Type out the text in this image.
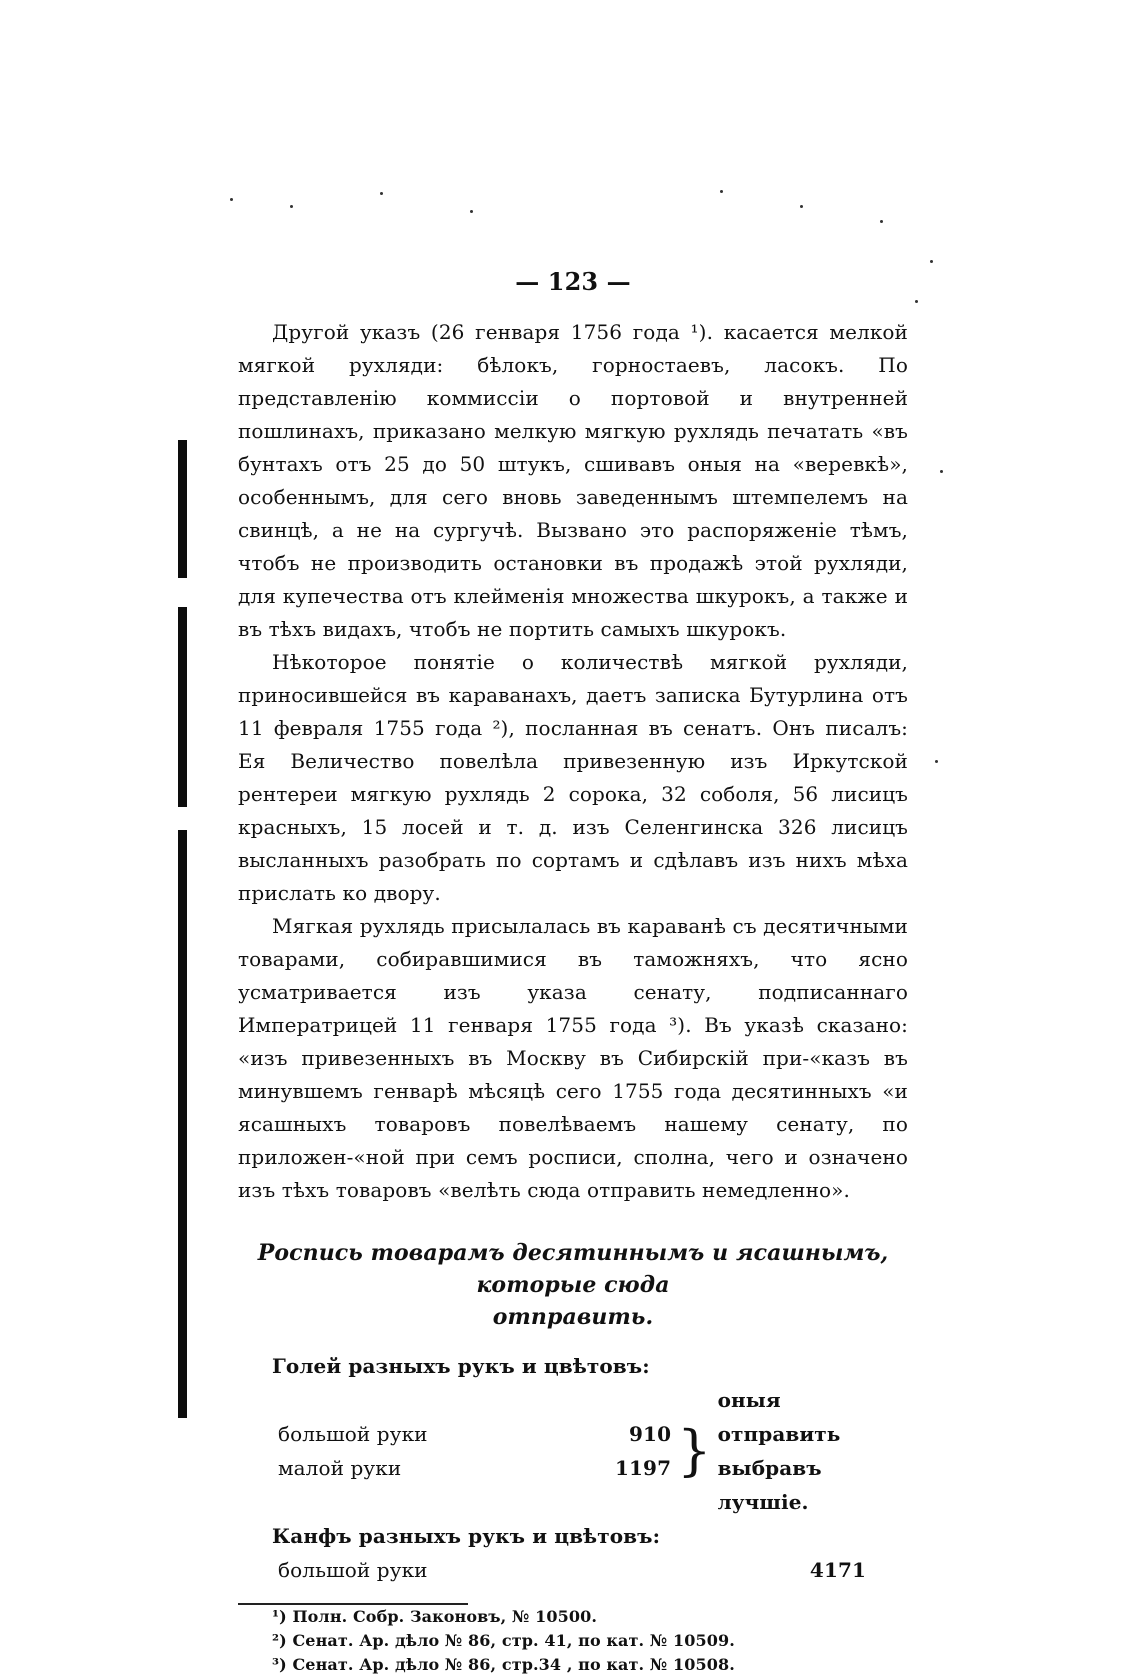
— 123 —

Другой указъ (26 генваря 1756 года ¹). касается мелкой мягкой рухляди: бѣлокъ, горностаевъ, ласокъ. По представленію коммиссіи о портовой и внутренней пошлинахъ, приказано мелкую мягкую рухлядь печатать «въ бунтахъ отъ 25 до 50 штукъ, сшивавъ оныя на «веревкѣ», особеннымъ, для сего вновь заведеннымъ штемпелемъ на свинцѣ, а не на сургучѣ. Вызвано это распоряженіе тѣмъ, чтобъ не производить остановки въ продажѣ этой рухляди, для купечества отъ клейменія множества шкурокъ, а также и въ тѣхъ видахъ, чтобъ не портить самыхъ шкурокъ.

Нѣкоторое понятіе о количествѣ мягкой рухляди, приносившейся въ караванахъ, даетъ записка Бутурлина отъ 11 февраля 1755 года ²), посланная въ сенатъ. Онъ писалъ: Ея Величество повелѣла привезенную изъ Иркутской рентереи мягкую рухлядь 2 сорока, 32 соболя, 56 лисицъ красныхъ, 15 лосей и т. д. изъ Селенгинска 326 лисицъ высланныхъ разобрать по сортамъ и сдѣлавъ изъ нихъ мѣха прислать ко двору.

Мягкая рухлядь присылалась въ караванѣ съ десятичными товарами, собиравшимися въ таможняхъ, что ясно усматривается изъ указа сенату, подписаннаго Императрицей 11 генваря 1755 года ³). Въ указѣ сказано: «изъ привезенныхъ въ Москву въ Сибирскій при-«казъ въ минувшемъ генварѣ мѣсяцѣ сего 1755 года десятинныхъ «и ясашныхъ товаровъ повелѣваемъ нашему сенату, по приложен-«ной при семъ росписи, сполна, чего и означено изъ тѣхъ товаровъ «велѣть сюда отправить немедленно».

Роспись товарамъ десятиннымъ и ясашнымъ, которые сюда
отправить.
Голей разныхъ рукъ и цвѣтовъ:
большой руки	910
малой руки	1197 }
оныя отправить
выбравъ лучшіе.
Канфъ разныхъ рукъ и цвѣтовъ:
большой руки	4171
¹) Полн. Собр. Законовъ, № 10500.
²) Сенат. Ар. дѣло № 86, стр. 41, по кат. № 10509.
³) Сенат. Ар. дѣло № 86, стр.34 , по кат. № 10508.
